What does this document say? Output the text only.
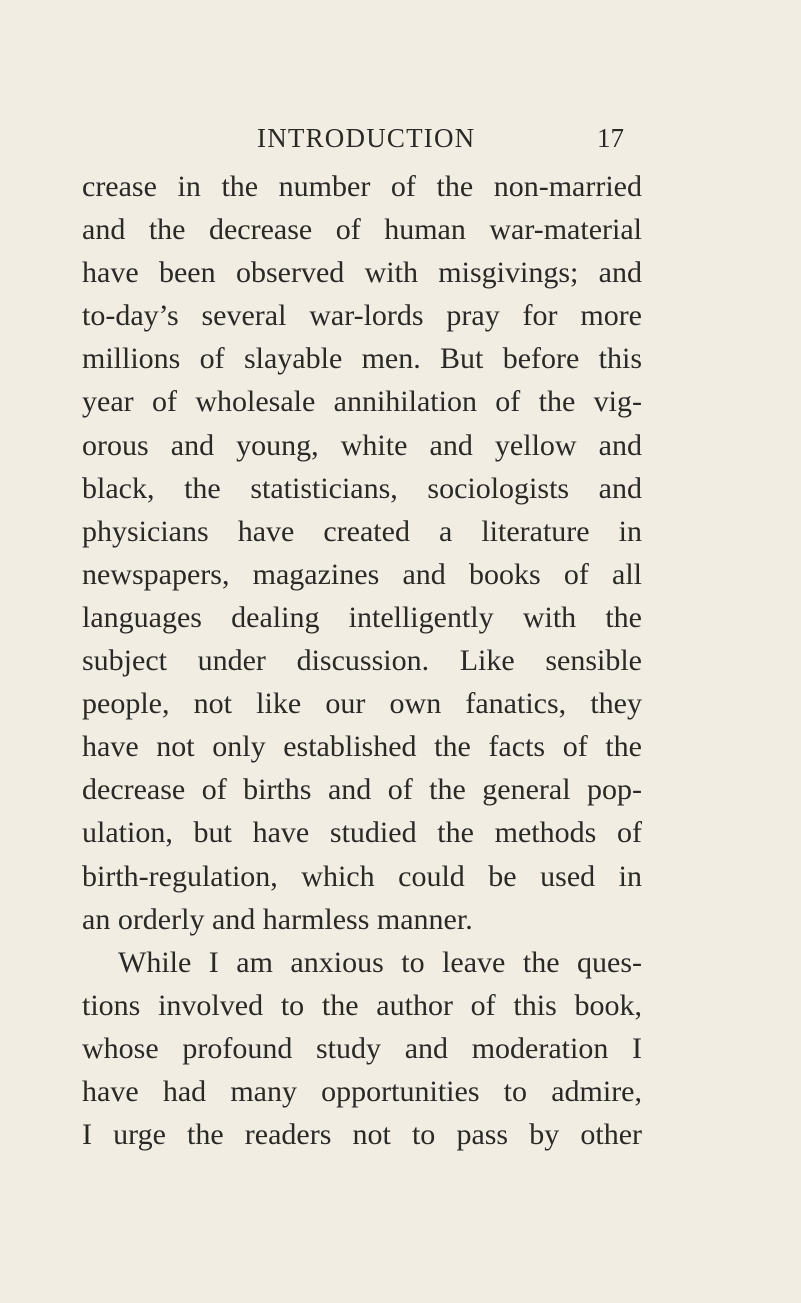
INTRODUCTION	17
crease in the number of the non-married
and the decrease of human war-material
have been observed with misgivings; and
to-day’s several war-lords pray for more
millions of slayable men. But before this
year of wholesale annihilation of the vig-
orous and young, white and yellow and
black, the statisticians, sociologists and
physicians have created a literature in
newspapers, magazines and books of all
languages dealing intelligently with the
subject under discussion. Like sensible
people, not like our own fanatics, they
have not only established the facts of the
decrease of births and of the general pop-
ulation, but have studied the methods of
birth-regulation, which could be used in
an orderly and harmless manner.
While I am anxious to leave the ques-
tions involved to the author of this book,
whose profound study and moderation I
have had many opportunities to admire,
I urge the readers not to pass by other
